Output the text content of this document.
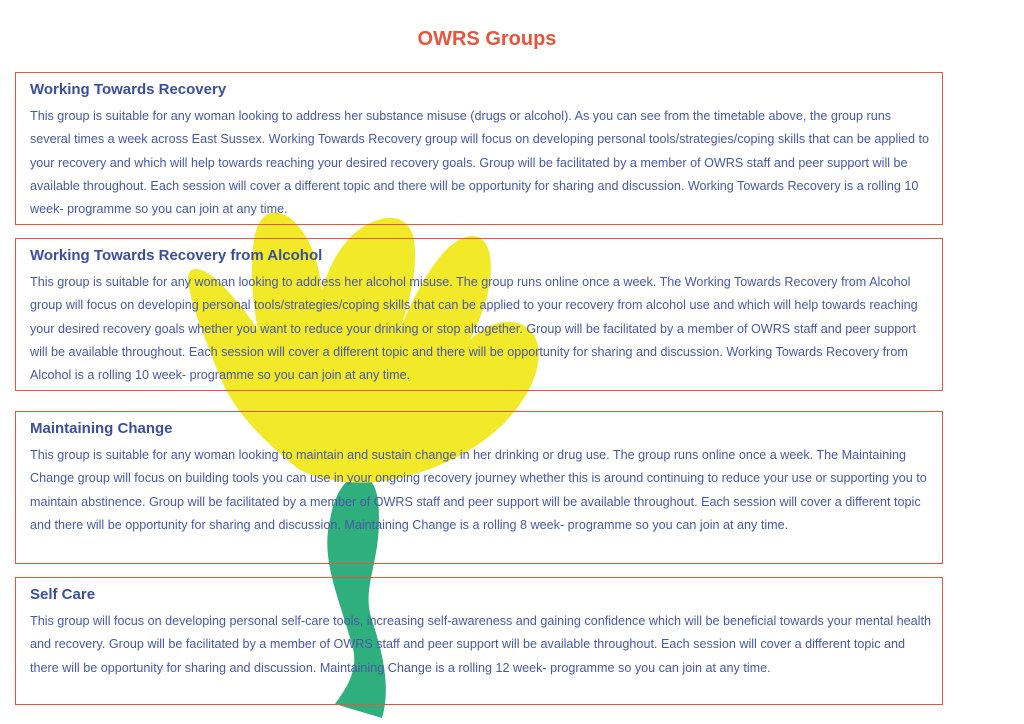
OWRS Groups
Working Towards Recovery

This group is suitable for any woman looking to address her substance misuse (drugs or alcohol). As you can see from the timetable above, the group runs several times a week across East Sussex. Working Towards Recovery group will focus on developing personal tools/strategies/coping skills that can be applied to your recovery and which will help towards reaching your desired recovery goals. Group will be facilitated by a member of OWRS staff and peer support will be available throughout. Each session will cover a different topic and there will be opportunity for sharing and discussion. Working Towards Recovery is a rolling 10 week- programme so you can join at any time.

Working Towards Recovery from Alcohol

This group is suitable for any woman looking to address her alcohol misuse. The group runs online once a week. The Working Towards Recovery from Alcohol group will focus on developing personal tools/strategies/coping skills that can be applied to your recovery from alcohol use and which will help towards reaching your desired recovery goals whether you want to reduce your drinking or stop altogether. Group will be facilitated by a member of OWRS staff and peer support will be available throughout. Each session will cover a different topic and there will be opportunity for sharing and discussion. Working Towards Recovery from Alcohol is a rolling 10 week- programme so you can join at any time.

Maintaining Change

This group is suitable for any woman looking to maintain and sustain change in her drinking or drug use. The group runs online once a week. The Maintaining Change group will focus on building tools you can use in your ongoing recovery journey whether this is around continuing to reduce your use or supporting you to maintain abstinence. Group will be facilitated by a member of OWRS staff and peer support will be available throughout. Each session will cover a different topic and there will be opportunity for sharing and discussion. Maintaining Change is a rolling 8 week- programme so you can join at any time.

Self Care

This group will focus on developing personal self-care tools, increasing self-awareness and gaining confidence which will be beneficial towards your mental health and recovery. Group will be facilitated by a member of OWRS staff and peer support will be available throughout. Each session will cover a different topic and there will be opportunity for sharing and discussion. Maintaining Change is a rolling 12 week- programme so you can join at any time.
